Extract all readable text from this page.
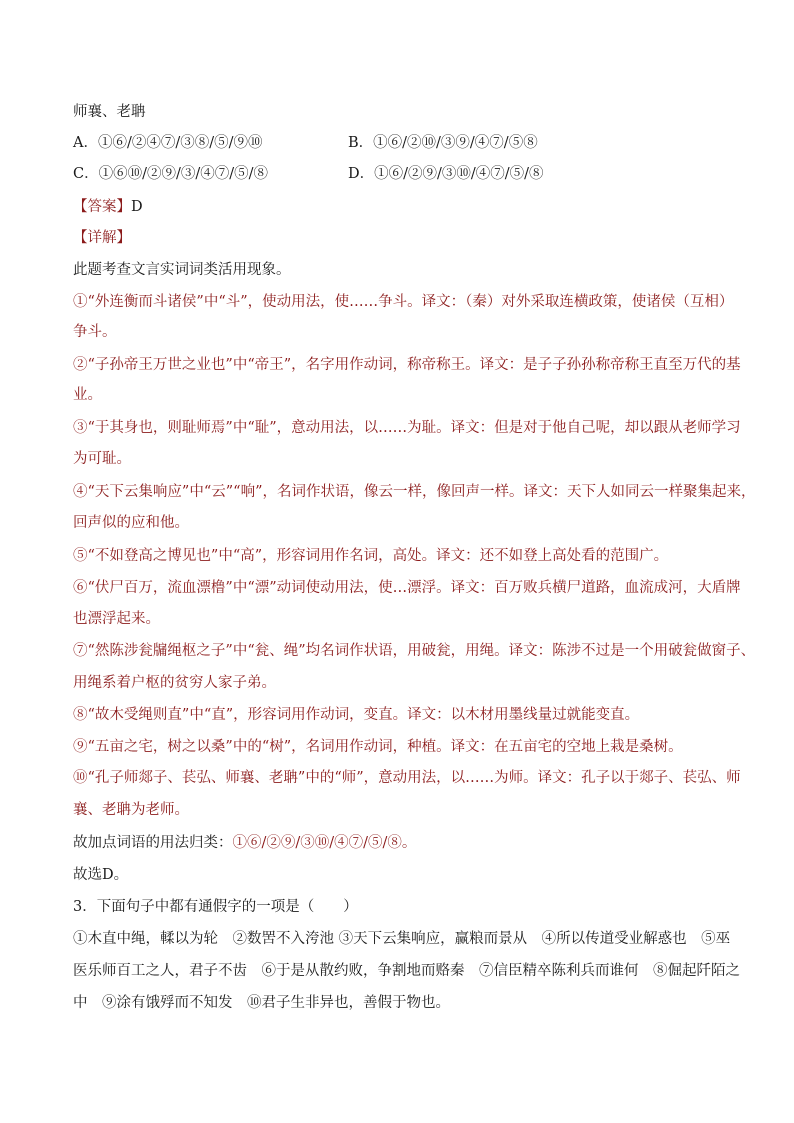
师襄、老聃
A．①⑥/②④⑦/③⑧/⑤/⑨⑩	B．①⑥/②⑩/③⑨/④⑦/⑤⑧
C．①⑥⑩/②⑨/③/④⑦/⑤/⑧	D．①⑥/②⑨/③⑩/④⑦/⑤/⑧
【答案】D
【详解】
此题考查文言实词词类活用现象。
①“外连衡而斗诸侯”中“斗”，使动用法，使……争斗。译文：（秦）对外采取连横政策，使诸侯（互相）
争斗。
②“子孙帝王万世之业也”中“帝王”，名字用作动词，称帝称王。译文：是子子孙孙称帝称王直至万代的基
业。
③“于其身也，则耻师焉”中“耻”，意动用法，以……为耻。译文：但是对于他自己呢，却以跟从老师学习
为可耻。
④“天下云集响应”中“云”“响”，名词作状语，像云一样，像回声一样。译文：天下人如同云一样聚集起来，
回声似的应和他。
⑤“不如登高之博见也”中“高”，形容词用作名词，高处。译文：还不如登上高处看的范围广。
⑥“伏尸百万，流血漂橹”中“漂”动词使动用法，使…漂浮。译文：百万败兵横尸道路，血流成河，大盾牌
也漂浮起来。
⑦“然陈涉瓮牖绳枢之子”中“瓮、绳”均名词作状语，用破瓮，用绳。译文：陈涉不过是一个用破瓮做窗子、
用绳系着户枢的贫穷人家子弟。
⑧“故木受绳则直”中“直”，形容词用作动词，变直。译文：以木材用墨线量过就能变直。
⑨“五亩之宅，树之以桑”中的“树”，名词用作动词，种植。译文：在五亩宅的空地上栽是桑树。
⑩“孔子师郯子、苌弘、师襄、老聃”中的“师”，意动用法，以……为师。译文：孔子以于郯子、苌弘、师
襄、老聃为老师。
故加点词语的用法归类：①⑥/②⑨/③⑩/④⑦/⑤/⑧。
故选D。
3．下面句子中都有通假字的一项是（　　）
①木直中绳，輮以为轮　②数罟不入洿池 ③天下云集响应，赢粮而景从　④所以传道受业解惑也　⑤巫
医乐师百工之人，君子不齿　⑥于是从散约败，争割地而赂秦　⑦信臣精卒陈利兵而谁何　⑧倔起阡陌之
中　⑨涂有饿殍而不知发　⑩君子生非异也，善假于物也。
